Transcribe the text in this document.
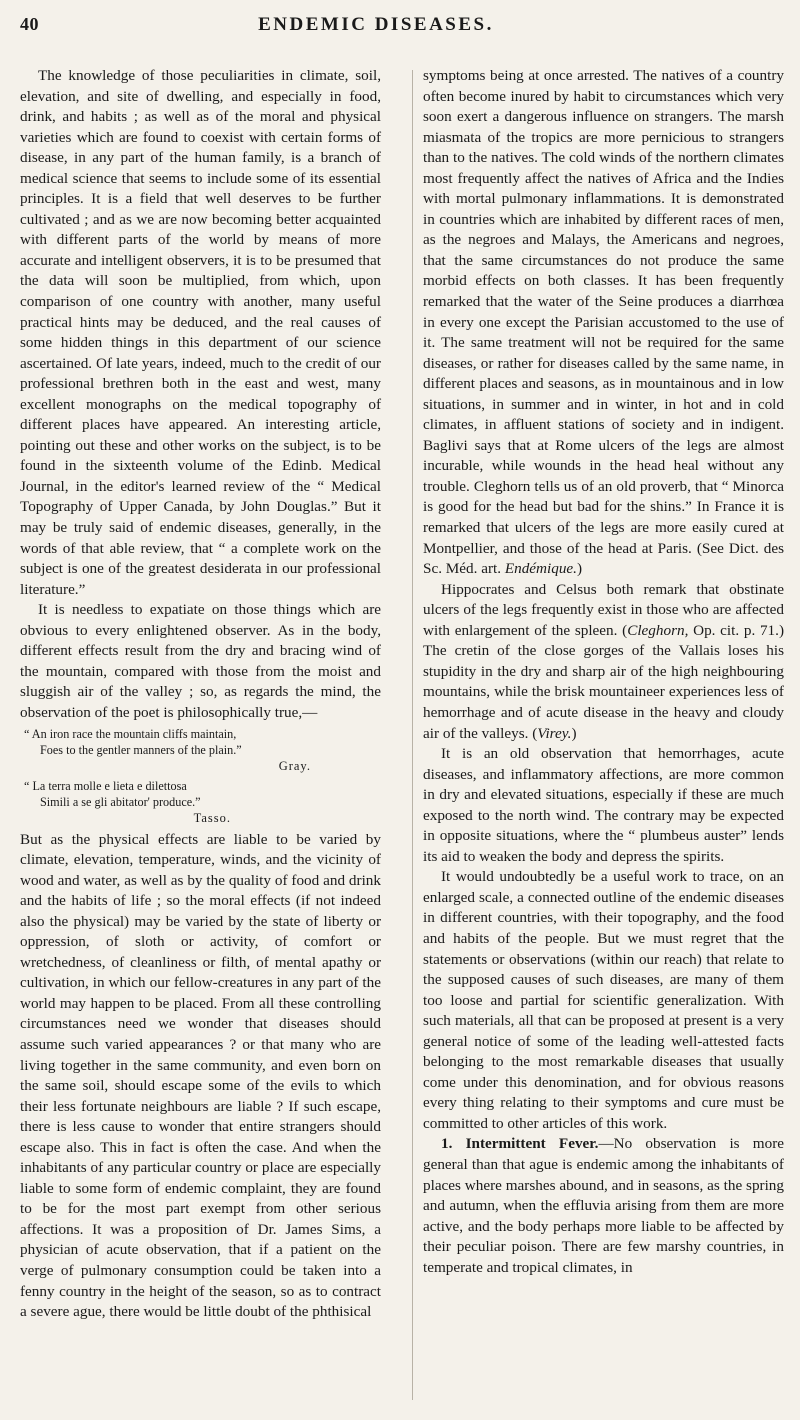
40	ENDEMIC DISEASES.

The knowledge of those peculiarities in climate, soil, elevation, and site of dwelling, and especially in food, drink, and habits ; as well as of the moral and physical varieties which are found to coexist with certain forms of disease, in any part of the human family, is a branch of medical science that seems to include some of its essential principles. It is a field that well deserves to be further cultivated ; and as we are now becoming better acquainted with different parts of the world by means of more accurate and intelligent observers, it is to be presumed that the data will soon be multiplied, from which, upon comparison of one country with another, many useful practical hints may be deduced, and the real causes of some hidden things in this department of our science ascertained. Of late years, indeed, much to the credit of our professional brethren both in the east and west, many excellent monographs on the medical topography of different places have appeared. An interesting article, pointing out these and other works on the subject, is to be found in the sixteenth volume of the Edinb. Medical Journal, in the editor's learned review of the “ Medical Topography of Upper Canada, by John Douglas.” But it may be truly said of endemic diseases, generally, in the words of that able review, that “ a complete work on the subject is one of the greatest desiderata in our professional literature.”

It is needless to expatiate on those things which are obvious to every enlightened observer. As in the body, different effects result from the dry and bracing wind of the mountain, compared with those from the moist and sluggish air of the valley ; so, as regards the mind, the observation of the poet is philosophically true,—

“ An iron race the mountain cliffs maintain,
Foes to the gentler manners of the plain.”
Gray.
“ La terra molle e lieta e dilettosa
Simili a se gli abitator' produce.”
Tasso.

But as the physical effects are liable to be varied by climate, elevation, temperature, winds, and the vicinity of wood and water, as well as by the quality of food and drink and the habits of life ; so the moral effects (if not indeed also the physical) may be varied by the state of liberty or oppression, of sloth or activity, of comfort or wretchedness, of cleanliness or filth, of mental apathy or cultivation, in which our fellow-creatures in any part of the world may happen to be placed. From all these controlling circumstances need we wonder that diseases should assume such varied appearances ? or that many who are living together in the same community, and even born on the same soil, should escape some of the evils to which their less fortunate neighbours are liable ? If such escape, there is less cause to wonder that entire strangers should escape also. This in fact is often the case. And when the inhabitants of any particular country or place are especially liable to some form of endemic complaint, they are found to be for the most part exempt from other serious affections. It was a proposition of Dr. James Sims, a physician of acute observation, that if a patient on the verge of pulmonary consumption could be taken into a fenny country in the height of the season, so as to contract a severe ague, there would be little doubt of the phthisical

symptoms being at once arrested. The natives of a country often become inured by habit to circumstances which very soon exert a dangerous influence on strangers. The marsh miasmata of the tropics are more pernicious to strangers than to the natives. The cold winds of the northern climates most frequently affect the natives of Africa and the Indies with mortal pulmonary inflammations. It is demonstrated in countries which are inhabited by different races of men, as the negroes and Malays, the Americans and negroes, that the same circumstances do not produce the same morbid effects on both classes. It has been frequently remarked that the water of the Seine produces a diarrhœa in every one except the Parisian accustomed to the use of it. The same treatment will not be required for the same diseases, or rather for diseases called by the same name, in different places and seasons, as in mountainous and in low situations, in summer and in winter, in hot and in cold climates, in affluent stations of society and in indigent. Baglivi says that at Rome ulcers of the legs are almost incurable, while wounds in the head heal without any trouble. Cleghorn tells us of an old proverb, that “ Minorca is good for the head but bad for the shins.” In France it is remarked that ulcers of the legs are more easily cured at Montpellier, and those of the head at Paris. (See Dict. des Sc. Méd. art. Endémique.)

Hippocrates and Celsus both remark that obstinate ulcers of the legs frequently exist in those who are affected with enlargement of the spleen. (Cleghorn, Op. cit. p. 71.) The cretin of the close gorges of the Vallais loses his stupidity in the dry and sharp air of the high neighbouring mountains, while the brisk mountaineer experiences less of hemorrhage and of acute disease in the heavy and cloudy air of the valleys. (Virey.)

It is an old observation that hemorrhages, acute diseases, and inflammatory affections, are more common in dry and elevated situations, especially if these are much exposed to the north wind. The contrary may be expected in opposite situations, where the “ plumbeus auster” lends its aid to weaken the body and depress the spirits.

It would undoubtedly be a useful work to trace, on an enlarged scale, a connected outline of the endemic diseases in different countries, with their topography, and the food and habits of the people. But we must regret that the statements or observations (within our reach) that relate to the supposed causes of such diseases, are many of them too loose and partial for scientific generalization. With such materials, all that can be proposed at present is a very general notice of some of the leading well-attested facts belonging to the most remarkable diseases that usually come under this denomination, and for obvious reasons every thing relating to their symptoms and cure must be committed to other articles of this work.

1. Intermittent Fever.—No observation is more general than that ague is endemic among the inhabitants of places where marshes abound, and in seasons, as the spring and autumn, when the effluvia arising from them are more active, and the body perhaps more liable to be affected by their peculiar poison. There are few marshy countries, in temperate and tropical climates, in
